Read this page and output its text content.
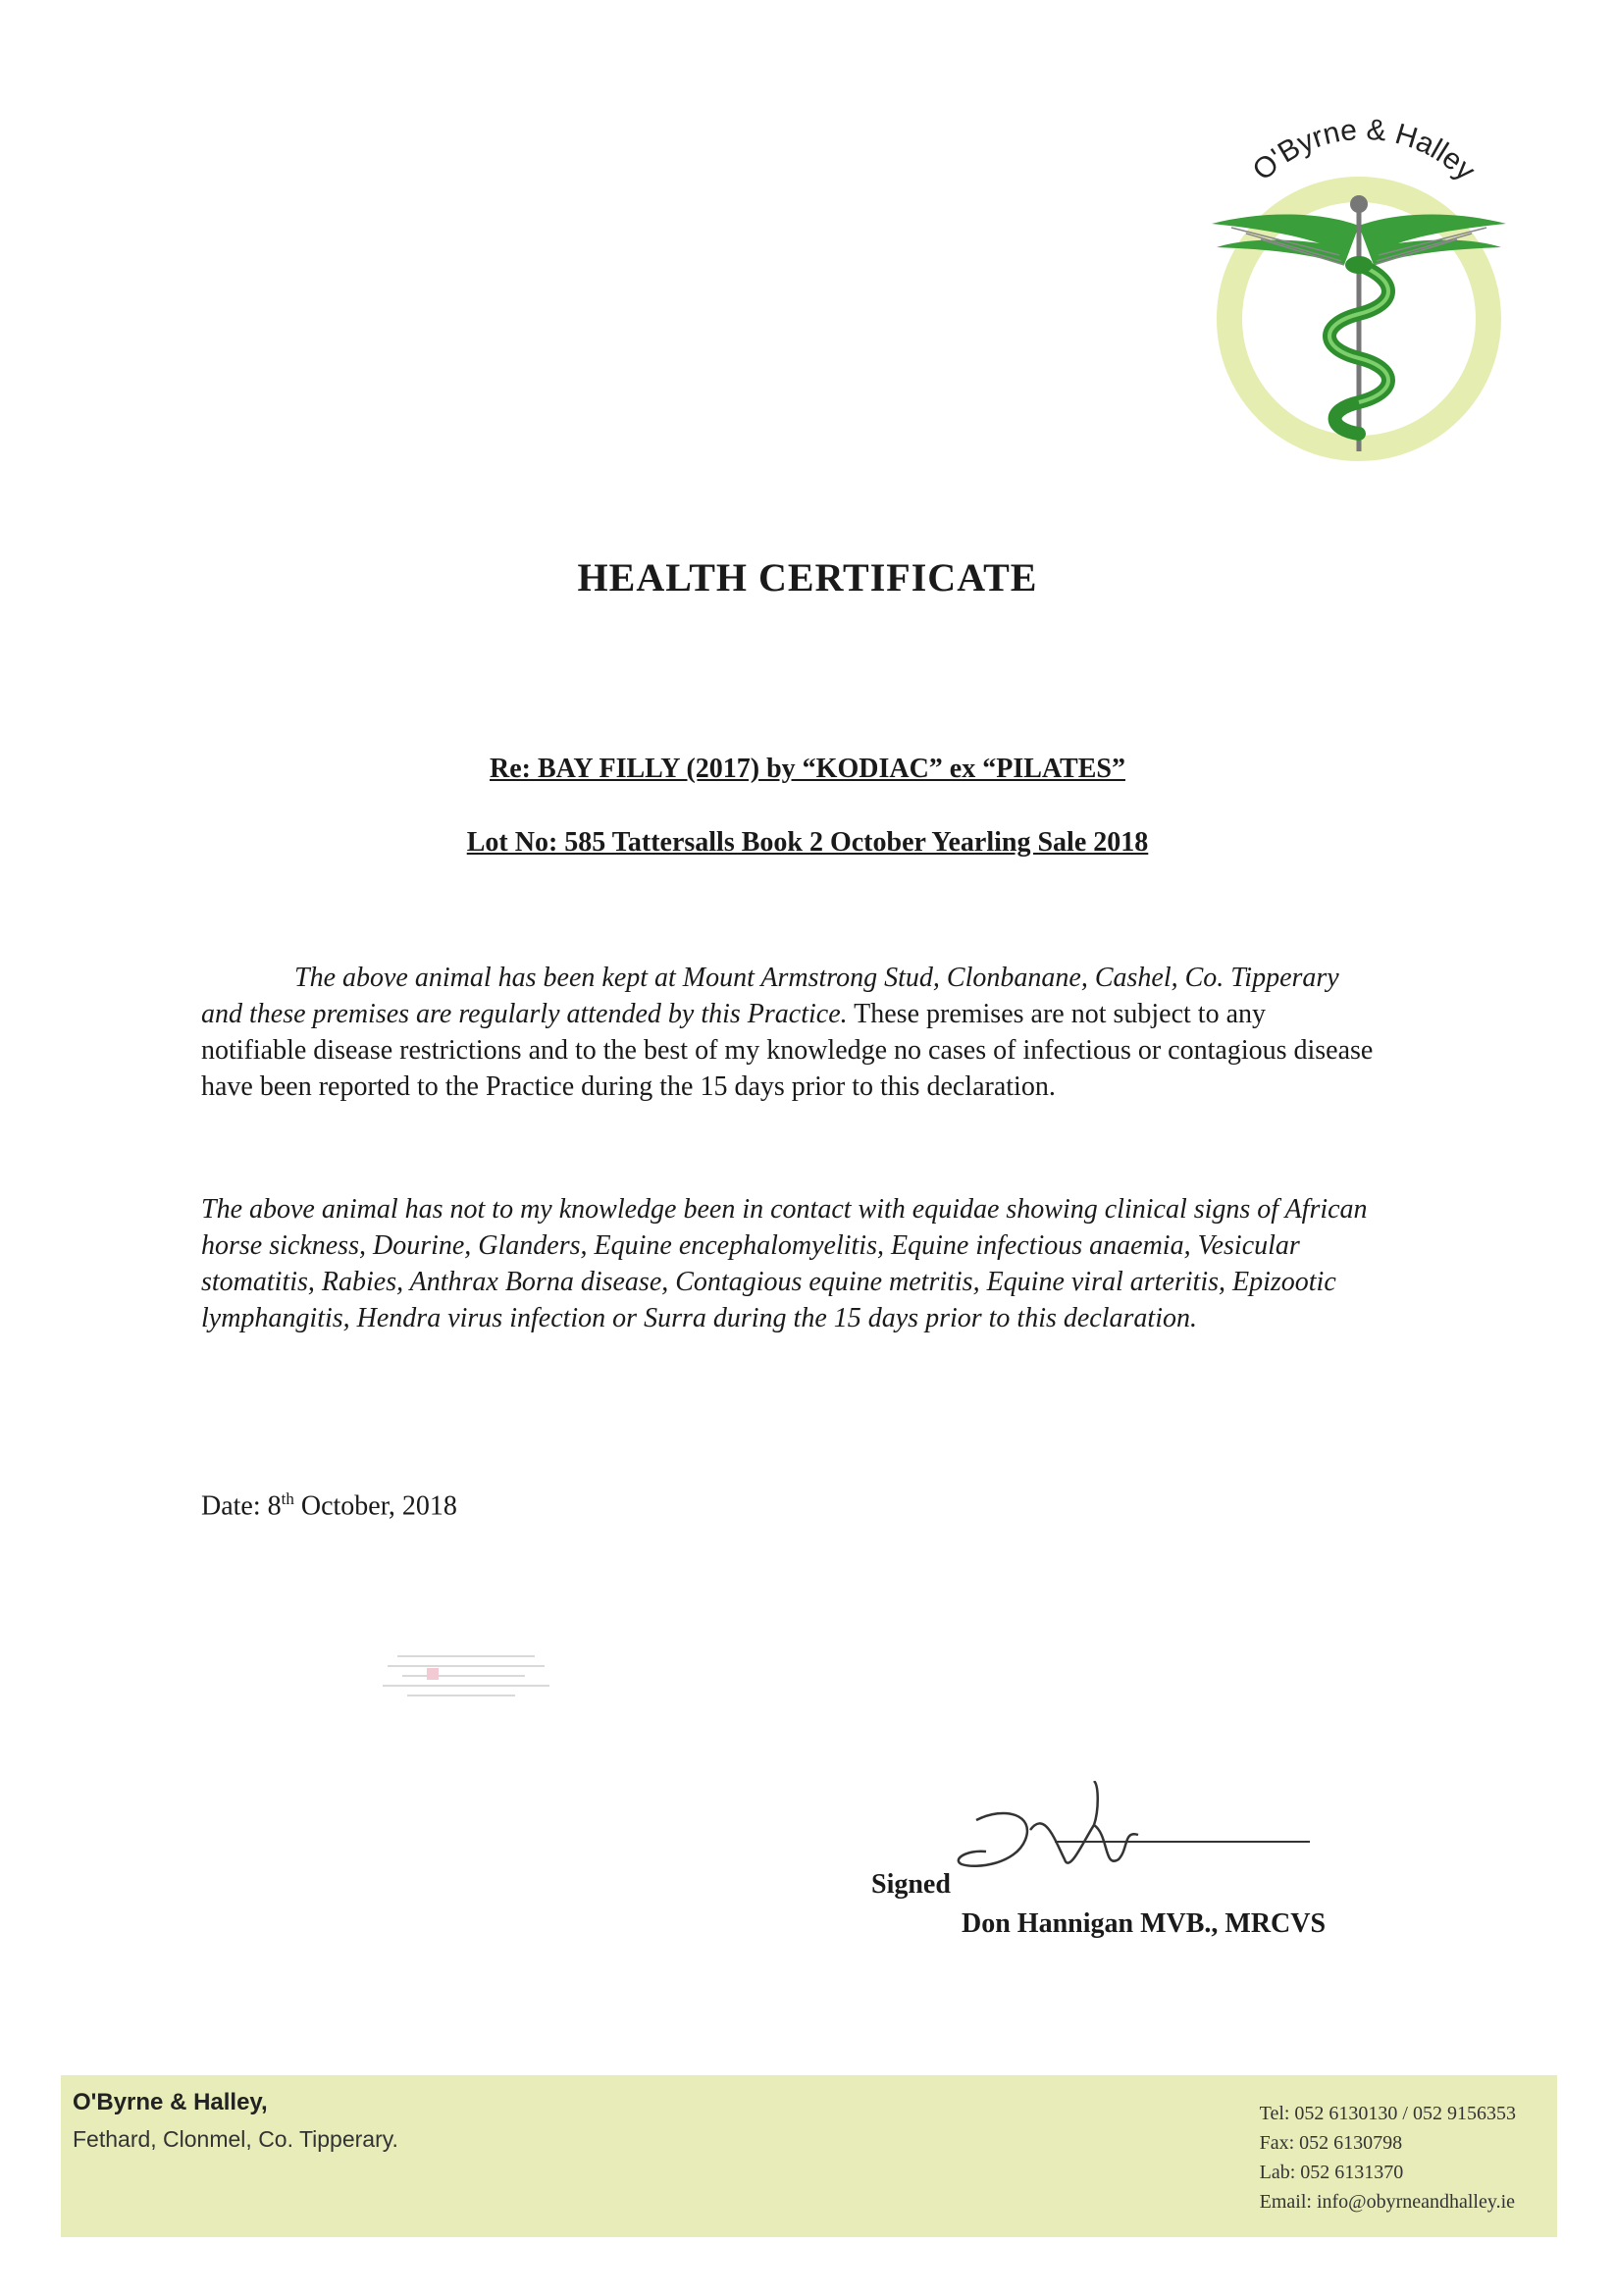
O'Byrne & Halley
HEALTH CERTIFICATE
Re: BAY FILLY (2017) by “KODIAC” ex “PILATES”
Lot No: 585 Tattersalls Book 2 October Yearling Sale 2018

The above animal has been kept at Mount Armstrong Stud, Clonbanane, Cashel, Co. Tipperary and these premises are regularly attended by this Practice. These premises are not subject to any notifiable disease restrictions and to the best of my knowledge no cases of infectious or contagious disease have been reported to the Practice during the 15 days prior to this declaration.

The above animal has not to my knowledge been in contact with equidae showing clinical signs of African horse sickness, Dourine, Glanders, Equine encephalomyelitis, Equine infectious anaemia, Vesicular stomatitis, Rabies, Anthrax Borna disease, Contagious equine metritis, Equine viral arteritis, Epizootic lymphangitis, Hendra virus infection or Surra during the 15 days prior to this declaration.

Date: 8th October, 2018
Signed
Don Hannigan MVB., MRCVS
O'Byrne & Halley,
Fethard, Clonmel, Co. Tipperary.
Tel: 052 6130130 / 052 9156353
Fax: 052 6130798
Lab: 052 6131370
Email: info@obyrneandhalley.ie
